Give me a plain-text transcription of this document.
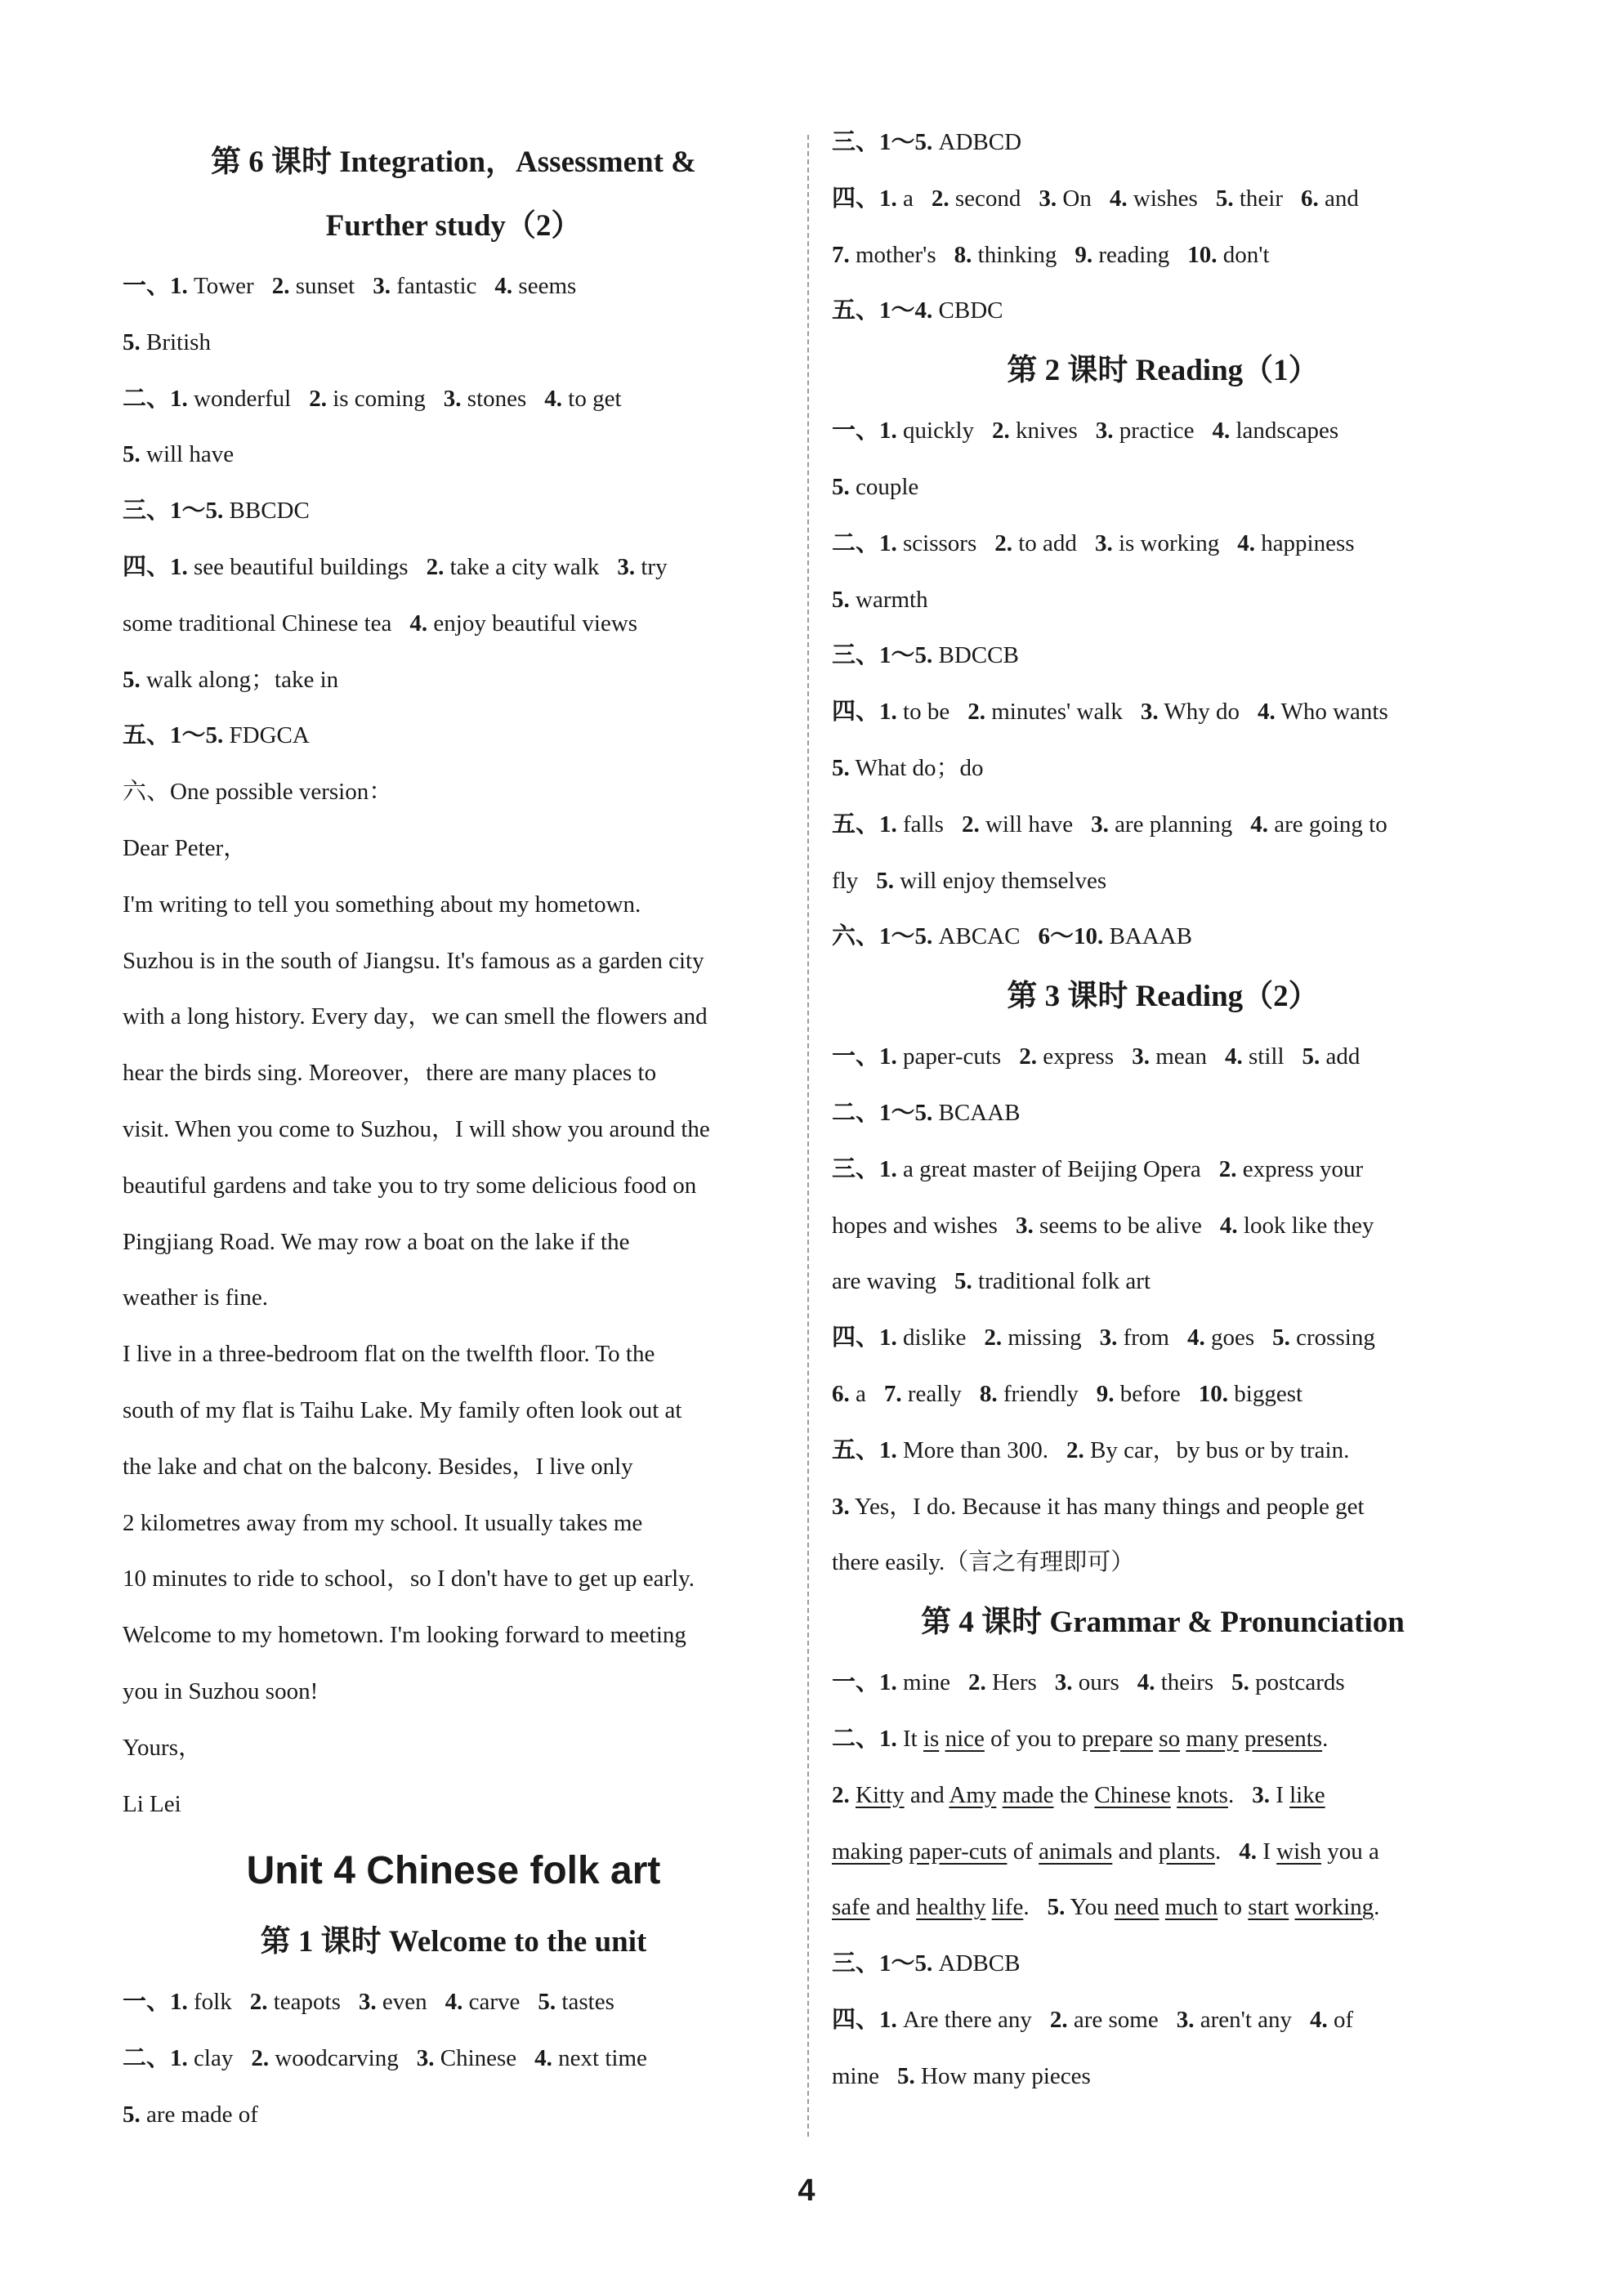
第 6 课时 Integration，Assessment &
Further study（2）
一、1. Tower 2. sunset 3. fantastic 4. seems
5. British
二、1. wonderful 2. is coming 3. stones 4. to get
5. will have
三、1～5. BBCDC
四、1. see beautiful buildings 2. take a city walk 3. try
some traditional Chinese tea 4. enjoy beautiful views
5. walk along；take in
五、1～5. FDGCA
六、One possible version：
Dear Peter，
I'm writing to tell you something about my hometown.
Suzhou is in the south of Jiangsu. It's famous as a garden city
with a long history. Every day，we can smell the flowers and
hear the birds sing. Moreover，there are many places to
visit. When you come to Suzhou，I will show you around the
beautiful gardens and take you to try some delicious food on
Pingjiang Road. We may row a boat on the lake if the
weather is fine.
I live in a three-bedroom flat on the twelfth floor. To the
south of my flat is Taihu Lake. My family often look out at
the lake and chat on the balcony. Besides，I live only
2 kilometres away from my school. It usually takes me
10 minutes to ride to school，so I don't have to get up early.
Welcome to my hometown. I'm looking forward to meeting
you in Suzhou soon!
Yours，
Li Lei
Unit 4 Chinese folk art
第 1 课时 Welcome to the unit
一、1. folk 2. teapots 3. even 4. carve 5. tastes
二、1. clay 2. woodcarving 3. Chinese 4. next time
5. are made of
三、1～5. ADBCD
四、1. a 2. second 3. On 4. wishes 5. their 6. and
7. mother's 8. thinking 9. reading 10. don't
五、1～4. CBDC
第 2 课时 Reading（1）
一、1. quickly 2. knives 3. practice 4. landscapes
5. couple
二、1. scissors 2. to add 3. is working 4. happiness
5. warmth
三、1～5. BDCCB
四、1. to be 2. minutes' walk 3. Why do 4. Who wants
5. What do；do
五、1. falls 2. will have 3. are planning 4. are going to
fly 5. will enjoy themselves
六、1～5. ABCAC 6～10. BAAAB
第 3 课时 Reading（2）
一、1. paper-cuts 2. express 3. mean 4. still 5. add
二、1～5. BCAAB
三、1. a great master of Beijing Opera 2. express your
hopes and wishes 3. seems to be alive 4. look like they
are waving 5. traditional folk art
四、1. dislike 2. missing 3. from 4. goes 5. crossing
6. a 7. really 8. friendly 9. before 10. biggest
五、1. More than 300. 2. By car，by bus or by train.
3. Yes，I do. Because it has many things and people get
there easily.（言之有理即可）
第 4 课时 Grammar & Pronunciation
一、1. mine 2. Hers 3. ours 4. theirs 5. postcards
二、1. It is nice of you to prepare so many presents.
2. Kitty and Amy made the Chinese knots. 3. I like
making paper-cuts of animals and plants. 4. I wish you a
safe and healthy life. 5. You need much to start working.
三、1～5. ADBCB
四、1. Are there any 2. are some 3. aren't any 4. of
mine 5. How many pieces
4
